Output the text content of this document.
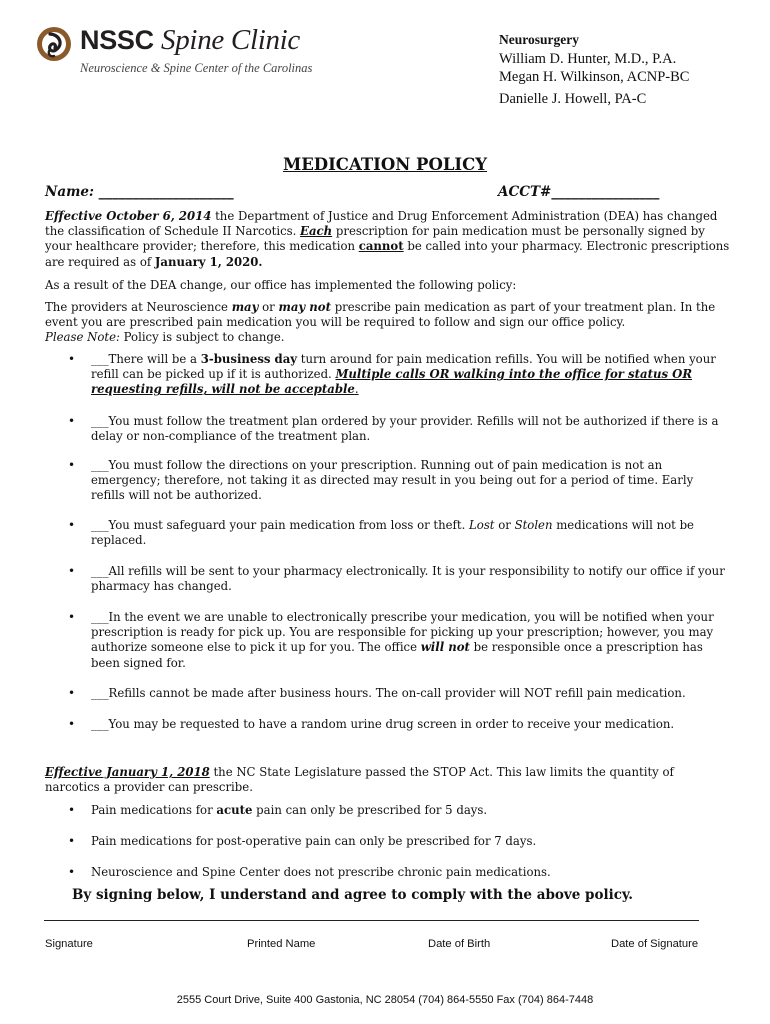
NSSC Spine Clinic
Neuroscience & Spine Center of the Carolinas
Neurosurgery
William D. Hunter, M.D., P.A.
Megan H. Wilkinson, ACNP-BC
Danielle J. Howell, PA-C
MEDICATION POLICY
Name: ____________________	ACCT#________________
Effective October 6, 2014 the Department of Justice and Drug Enforcement Administration (DEA) has changed the classification of Schedule II Narcotics. Each prescription for pain medication must be personally signed by your healthcare provider; therefore, this medication cannot be called into your pharmacy. Electronic prescriptions are required as of January 1, 2020.
As a result of the DEA change, our office has implemented the following policy:
The providers at Neuroscience may or may not prescribe pain medication as part of your treatment plan. In the event you are prescribed pain medication you will be required to follow and sign our office policy.
Please Note: Policy is subject to change.
• ___There will be a 3-business day turn around for pain medication refills. You will be notified when your refill can be picked up if it is authorized. Multiple calls OR walking into the office for status OR requesting refills, will not be acceptable.
• ___You must follow the treatment plan ordered by your provider. Refills will not be authorized if there is a delay or non-compliance of the treatment plan.
• ___You must follow the directions on your prescription. Running out of pain medication is not an emergency; therefore, not taking it as directed may result in you being out for a period of time. Early refills will not be authorized.
• ___You must safeguard your pain medication from loss or theft. Lost or Stolen medications will not be replaced.
• ___All refills will be sent to your pharmacy electronically. It is your responsibility to notify our office if your pharmacy has changed.
• ___In the event we are unable to electronically prescribe your medication, you will be notified when your prescription is ready for pick up. You are responsible for picking up your prescription; however, you may authorize someone else to pick it up for you. The office will not be responsible once a prescription has been signed for.
• ___Refills cannot be made after business hours. The on-call provider will NOT refill pain medication.
• ___You may be requested to have a random urine drug screen in order to receive your medication.
Effective January 1, 2018 the NC State Legislature passed the STOP Act. This law limits the quantity of narcotics a provider can prescribe.
• Pain medications for acute pain can only be prescribed for 5 days.
• Pain medications for post-operative pain can only be prescribed for 7 days.
• Neuroscience and Spine Center does not prescribe chronic pain medications.
By signing below, I understand and agree to comply with the above policy.
Signature	Printed Name	Date of Birth	Date of Signature
2555 Court Drive, Suite 400 Gastonia, NC 28054 (704) 864-5550 Fax (704) 864-7448
